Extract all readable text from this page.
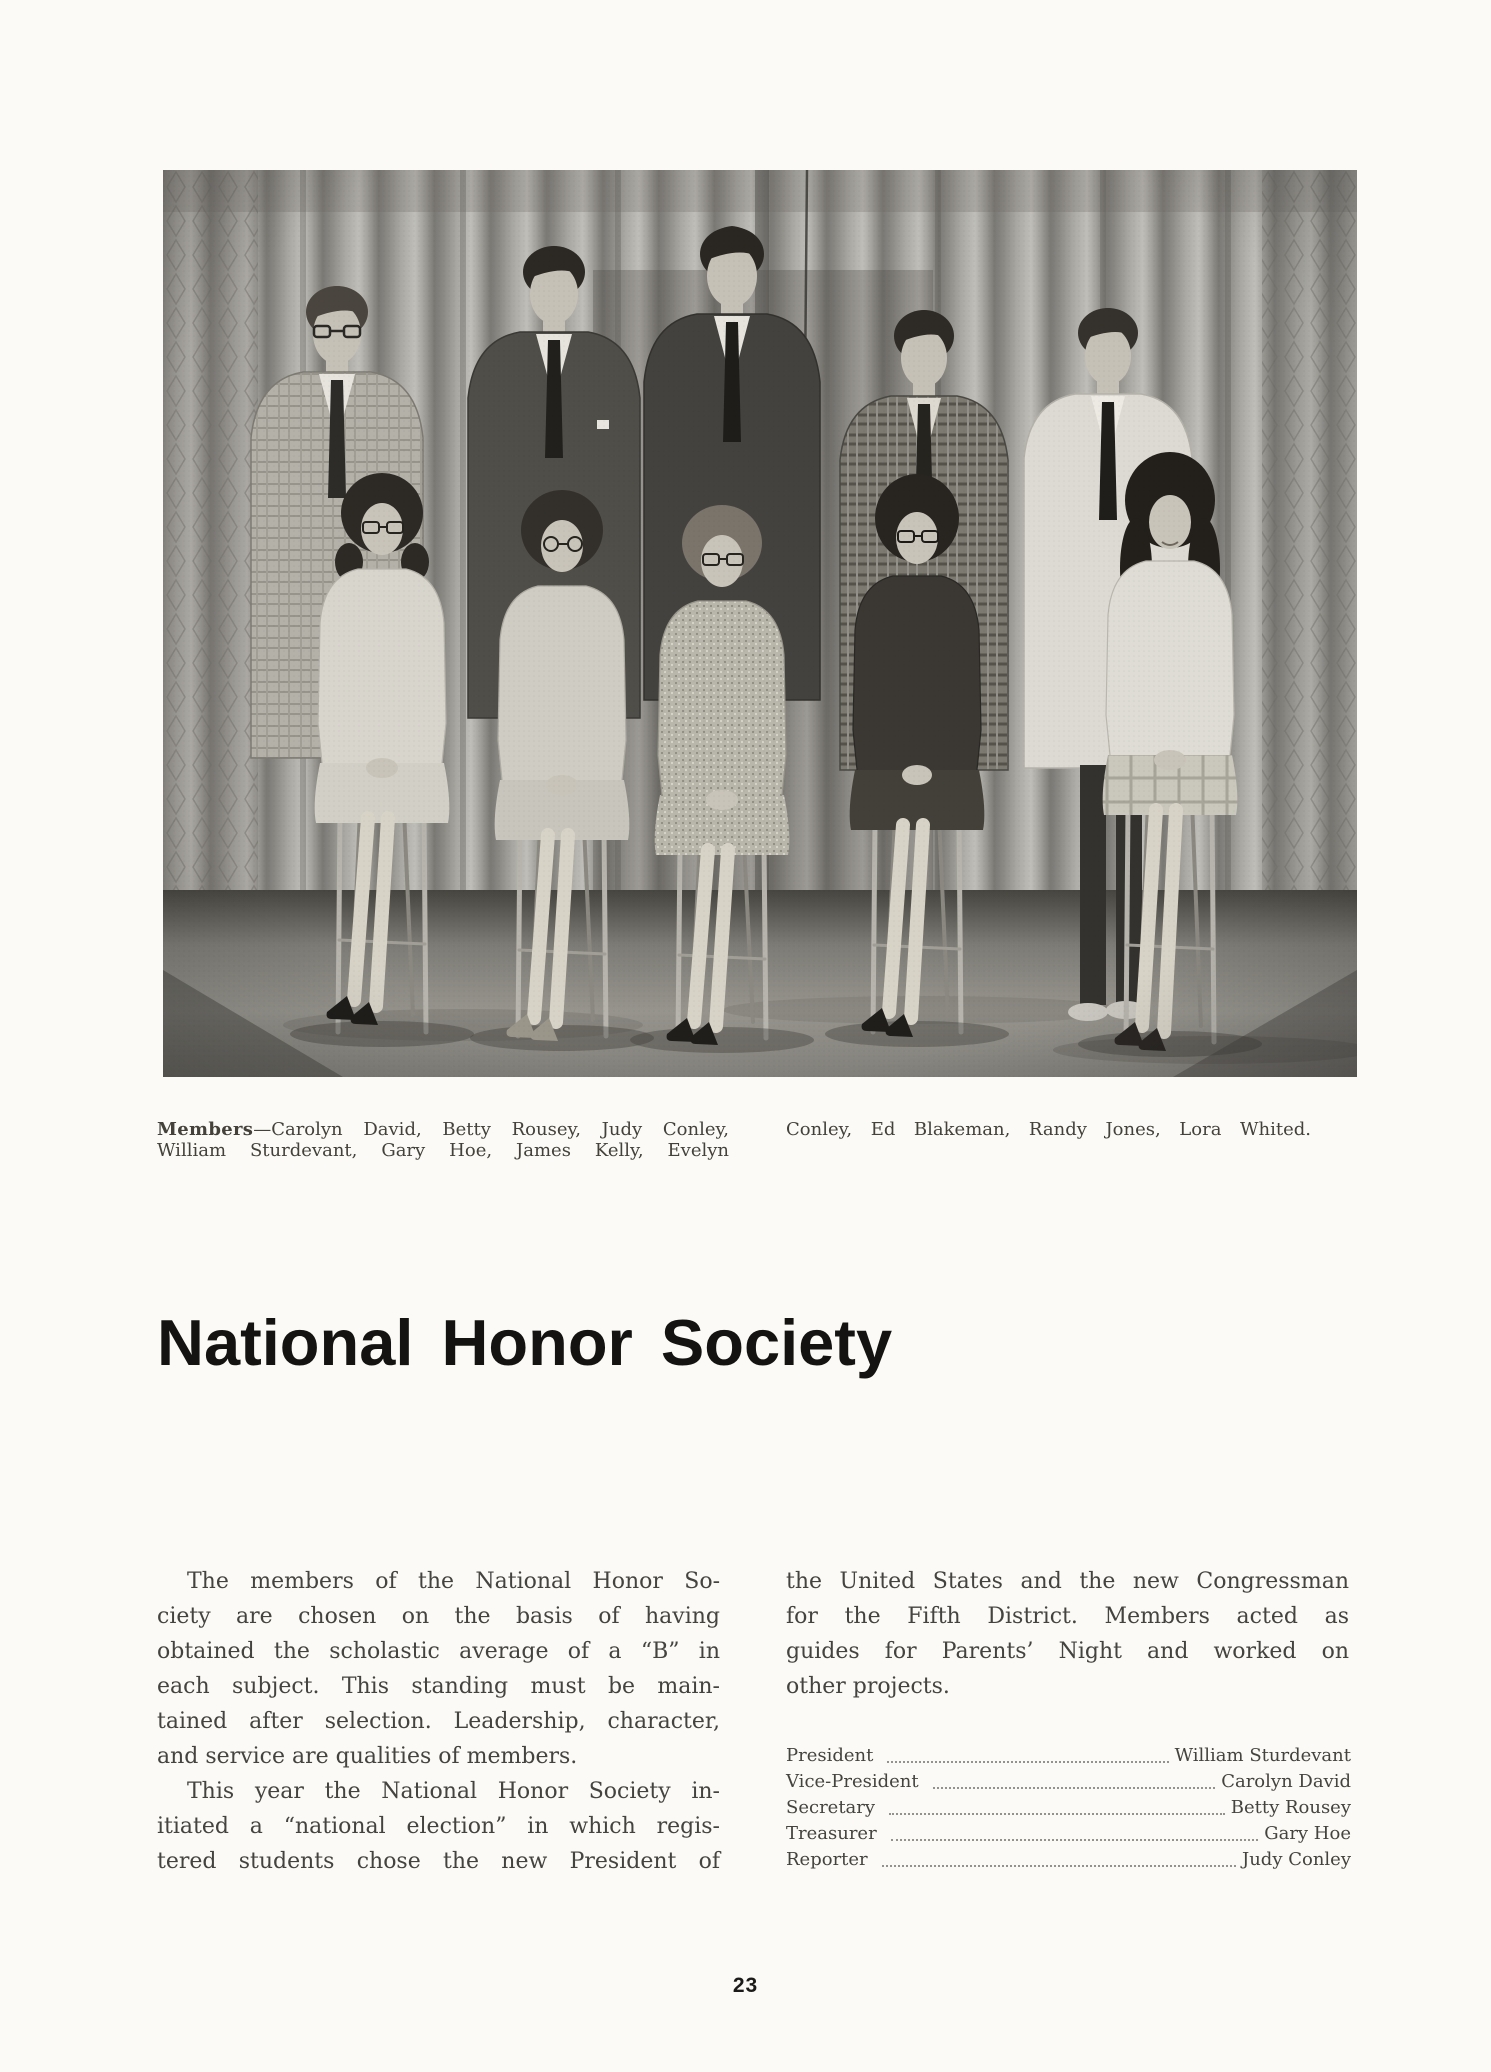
Members—Carolyn David, Betty Rousey, Judy Conley,
William Sturdevant, Gary Hoe, James Kelly, Evelyn
Conley, Ed Blakeman, Randy Jones, Lora Whited.
National Honor Society
The members of the National Honor So-
ciety are chosen on the basis of having
obtained the scholastic average of a “B” in
each subject. This standing must be main-
tained after selection. Leadership, character,
and service are qualities of members.
This year the National Honor Society in-
itiated a “national election” in which regis-
tered students chose the new President of
the United States and the new Congressman
for the Fifth District. Members acted as
guides for Parents’ Night and worked on
other projects.
President	William Sturdevant
Vice-President	Carolyn David
Secretary	Betty Rousey
Treasurer	Gary Hoe
Reporter	Judy Conley
23
